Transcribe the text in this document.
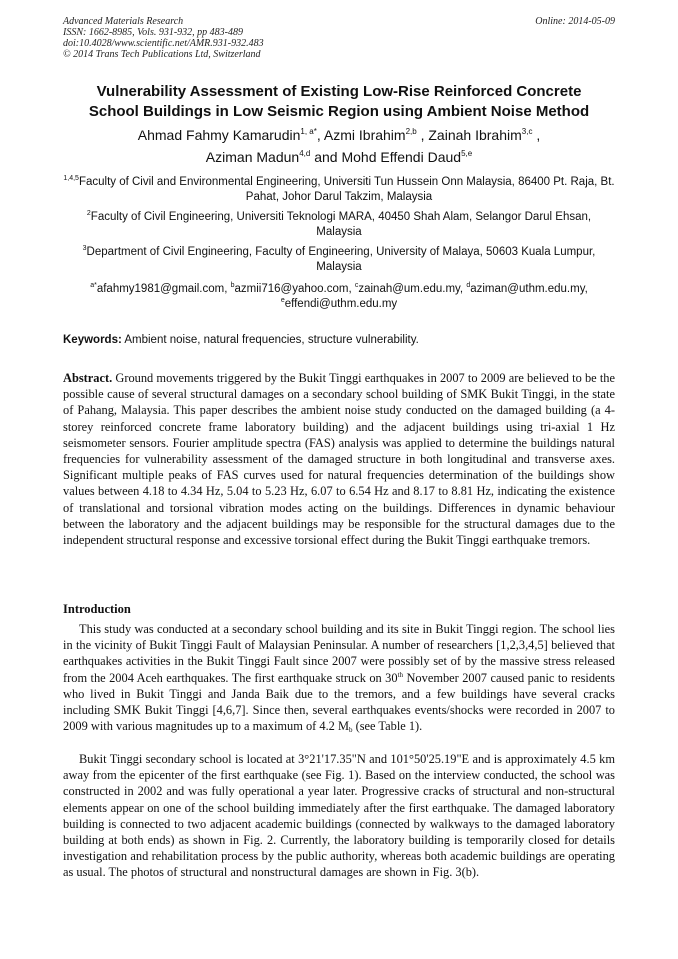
Advanced Materials Research
ISSN: 1662-8985, Vols. 931-932, pp 483-489
doi:10.4028/www.scientific.net/AMR.931-932.483
© 2014 Trans Tech Publications Ltd, Switzerland
Online: 2014-05-09
Vulnerability Assessment of Existing Low-Rise Reinforced Concrete
School Buildings in Low Seismic Region using Ambient Noise Method
Ahmad Fahmy Kamarudin$^{1, a*}$, Azmi Ibrahim$^{2,b}$ , Zainah Ibrahim$^{3,c}$ ,
Aziman Madun$^{4,d}$ and Mohd Effendi Daud$^{5,e}$
$^{1,4,5}$Faculty of Civil and Environmental Engineering, Universiti Tun Hussein Onn Malaysia, 86400 Pt. Raja, Bt. Pahat, Johor Darul Takzim, Malaysia
$^2$Faculty of Civil Engineering, Universiti Teknologi MARA, 40450 Shah Alam, Selangor Darul Ehsan, Malaysia
$^3$Department of Civil Engineering, Faculty of Engineering, University of Malaya, 50603 Kuala Lumpur, Malaysia
$^{a*}$afahmy1981@gmail.com, $^b$azmii716@yahoo.com, $^c$zainah@um.edu.my, $^d$aziman@uthm.edu.my,
$^e$effendi@uthm.edu.my
Keywords: Ambient noise, natural frequencies, structure vulnerability.
Abstract. Ground movements triggered by the Bukit Tinggi earthquakes in 2007 to 2009 are believed to be the possible cause of several structural damages on a secondary school building of SMK Bukit Tinggi, in the state of Pahang, Malaysia. This paper describes the ambient noise study conducted on the damaged building (a 4-storey reinforced concrete frame laboratory building) and the adjacent buildings using tri-axial 1 Hz seismometer sensors. Fourier amplitude spectra (FAS) analysis was applied to determine the buildings natural frequencies for vulnerability assessment of the damaged structure in both longitudinal and transverse axes. Significant multiple peaks of FAS curves used for natural frequencies determination of the buildings show values between 4.18 to 4.34 Hz, 5.04 to 5.23 Hz, 6.07 to 6.54 Hz and 8.17 to 8.81 Hz, indicating the existence of translational and torsional vibration modes acting on the buildings. Differences in dynamic behaviour between the laboratory and the adjacent buildings may be responsible for the structural damages due to the independent structural response and excessive torsional effect during the Bukit Tinggi earthquake tremors.
Introduction

This study was conducted at a secondary school building and its site in Bukit Tinggi region. The school lies in the vicinity of Bukit Tinggi Fault of Malaysian Peninsular. A number of researchers [1,2,3,4,5] believed that earthquakes activities in the Bukit Tinggi Fault since 2007 were possibly set of by the massive stress released from the 2004 Aceh earthquakes. The first earthquake struck on 30th November 2007 caused panic to residents who lived in Bukit Tinggi and Janda Baik due to the tremors, and a few buildings have several cracks including SMK Bukit Tinggi [4,6,7]. Since then, several earthquakes events/shocks were recorded in 2007 to 2009 with various magnitudes up to a maximum of 4.2 $M_b$ (see Table 1).

Bukit Tinggi secondary school is located at 3°21'17.35"N and 101°50'25.19"E and is approximately 4.5 km away from the epicenter of the first earthquake (see Fig. 1). Based on the interview conducted, the school was constructed in 2002 and was fully operational a year later. Progressive cracks of structural and non-structural elements appear on one of the school building immediately after the first earthquake. The damaged laboratory building is connected to two adjacent academic buildings (connected by walkways to the damaged laboratory building at both ends) as shown in Fig. 2. Currently, the laboratory building is temporarily closed for details investigation and rehabilitation process by the public authority, whereas both academic buildings are operating as usual. The photos of structural and nonstructural damages are shown in Fig. 3(b).
